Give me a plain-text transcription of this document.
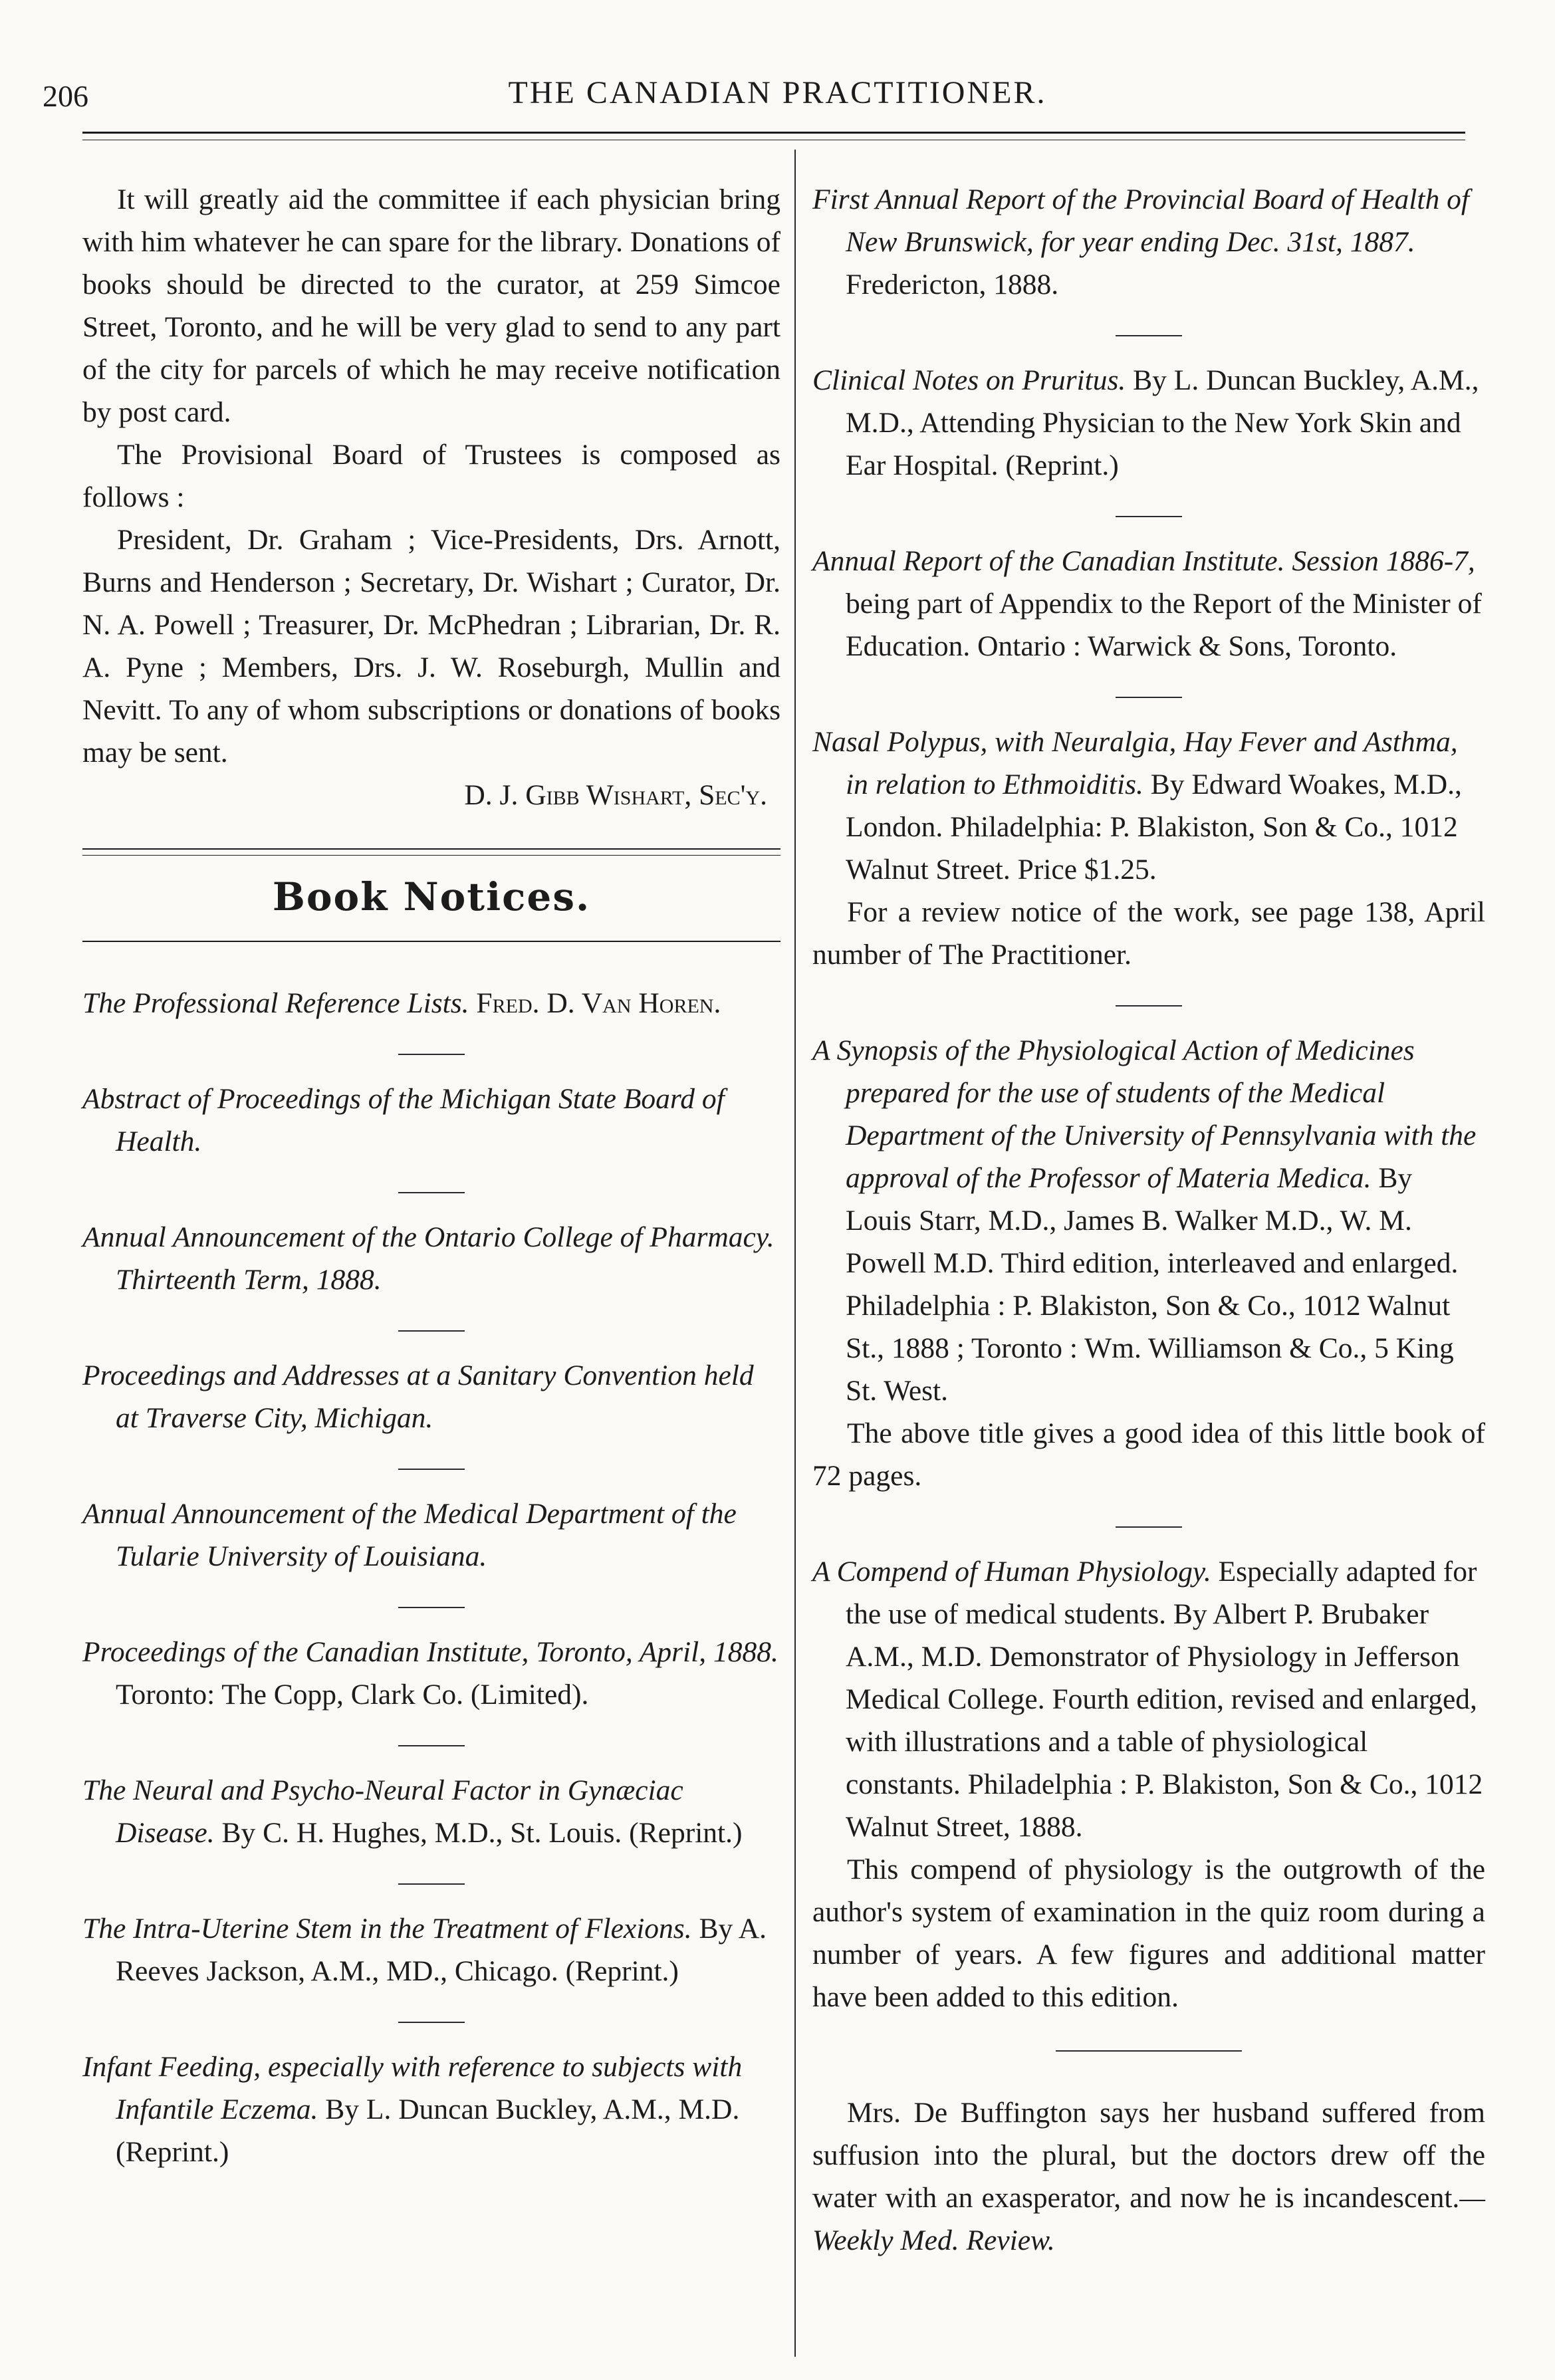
206	THE CANADIAN PRACTITIONER.

It will greatly aid the committee if each physician bring with him whatever he can spare for the library. Donations of books should be directed to the curator, at 259 Simcoe Street, Toronto, and he will be very glad to send to any part of the city for parcels of which he may receive notification by post card.

The Provisional Board of Trustees is composed as follows :

President, Dr. Graham ; Vice-Presidents, Drs. Arnott, Burns and Henderson ; Secretary, Dr. Wishart ; Curator, Dr. N. A. Powell ; Treasurer, Dr. McPhedran ; Librarian, Dr. R. A. Pyne ; Members, Drs. J. W. Roseburgh, Mullin and Nevitt. To any of whom subscriptions or donations of books may be sent.

D. J. Gibb Wishart, Sec'y.

Book Notices.

The Professional Reference Lists. Fred. D. Van Horen.

Abstract of Proceedings of the Michigan State Board of Health.

Annual Announcement of the Ontario College of Pharmacy. Thirteenth Term, 1888.

Proceedings and Addresses at a Sanitary Convention held at Traverse City, Michigan.

Annual Announcement of the Medical Department of the Tularie University of Louisiana.

Proceedings of the Canadian Institute, Toronto, April, 1888. Toronto: The Copp, Clark Co. (Limited).

The Neural and Psycho-Neural Factor in Gynæciac Disease. By C. H. Hughes, M.D., St. Louis. (Reprint.)

The Intra-Uterine Stem in the Treatment of Flexions. By A. Reeves Jackson, A.M., MD., Chicago. (Reprint.)

Infant Feeding, especially with reference to subjects with Infantile Eczema. By L. Duncan Buckley, A.M., M.D. (Reprint.)

First Annual Report of the Provincial Board of Health of New Brunswick, for year ending Dec. 31st, 1887. Fredericton, 1888.

Clinical Notes on Pruritus. By L. Duncan Buckley, A.M., M.D., Attending Physician to the New York Skin and Ear Hospital. (Reprint.)

Annual Report of the Canadian Institute. Session 1886-7, being part of Appendix to the Report of the Minister of Education. Ontario : Warwick & Sons, Toronto.

Nasal Polypus, with Neuralgia, Hay Fever and Asthma, in relation to Ethmoiditis. By Edward Woakes, M.D., London. Philadelphia: P. Blakiston, Son & Co., 1012 Walnut Street. Price $1.25.

For a review notice of the work, see page 138, April number of The Practitioner.

A Synopsis of the Physiological Action of Medicines prepared for the use of students of the Medical Department of the University of Pennsylvania with the approval of the Professor of Materia Medica. By Louis Starr, M.D., James B. Walker M.D., W. M. Powell M.D. Third edition, interleaved and enlarged. Philadelphia : P. Blakiston, Son & Co., 1012 Walnut St., 1888 ; Toronto : Wm. Williamson & Co., 5 King St. West.

The above title gives a good idea of this little book of 72 pages.

A Compend of Human Physiology. Especially adapted for the use of medical students. By Albert P. Brubaker A.M., M.D. Demonstrator of Physiology in Jefferson Medical College. Fourth edition, revised and enlarged, with illustrations and a table of physiological constants. Philadelphia : P. Blakiston, Son & Co., 1012 Walnut Street, 1888.

This compend of physiology is the outgrowth of the author's system of examination in the quiz room during a number of years. A few figures and additional matter have been added to this edition.

Mrs. De Buffington says her husband suffered from suffusion into the plural, but the doctors drew off the water with an exasperator, and now he is incandescent.— Weekly Med. Review.
